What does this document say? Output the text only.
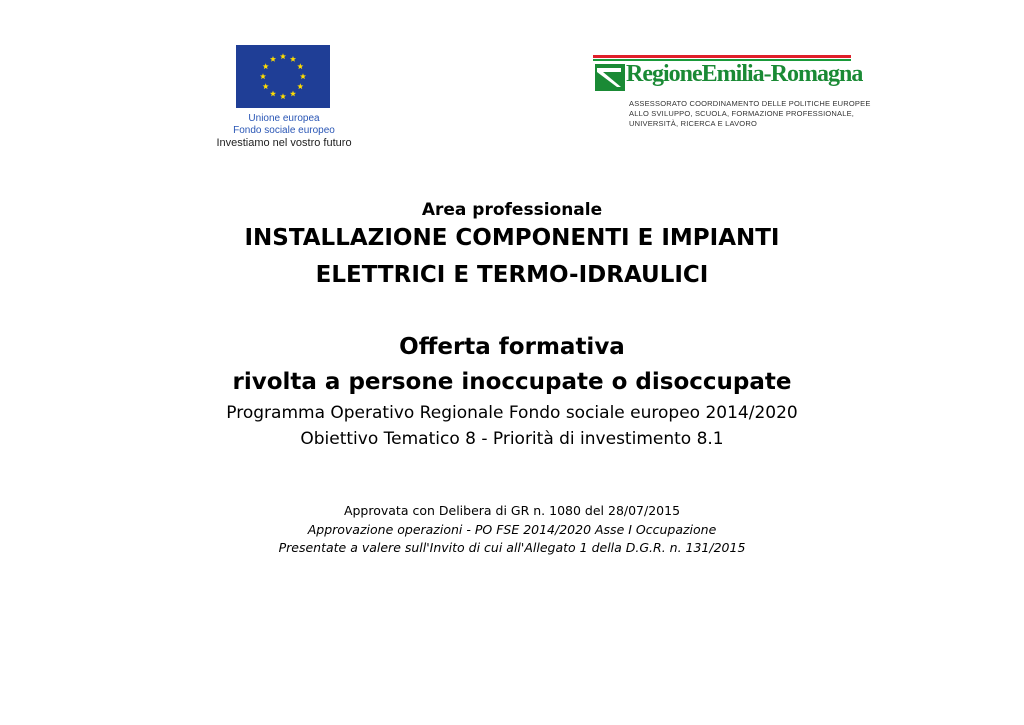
Unione europea
Fondo sociale europeo
Investiamo nel vostro futuro
RegioneEmilia-Romagna
ASSESSORATO COORDINAMENTO DELLE POLITICHE EUROPEE
ALLO SVILUPPO, SCUOLA, FORMAZIONE PROFESSIONALE,
UNIVERSITÀ, RICERCA E LAVORO
Area professionale
INSTALLAZIONE COMPONENTI E IMPIANTI
ELETTRICI E TERMO-IDRAULICI
Offerta formativa
rivolta a persone inoccupate o disoccupate
Programma Operativo Regionale Fondo sociale europeo 2014/2020
Obiettivo Tematico 8 - Priorità di investimento 8.1
Approvata con Delibera di GR n. 1080 del 28/07/2015
Approvazione operazioni - PO FSE 2014/2020 Asse I Occupazione
Presentate a valere sull'Invito di cui all'Allegato 1 della D.G.R. n. 131/2015
